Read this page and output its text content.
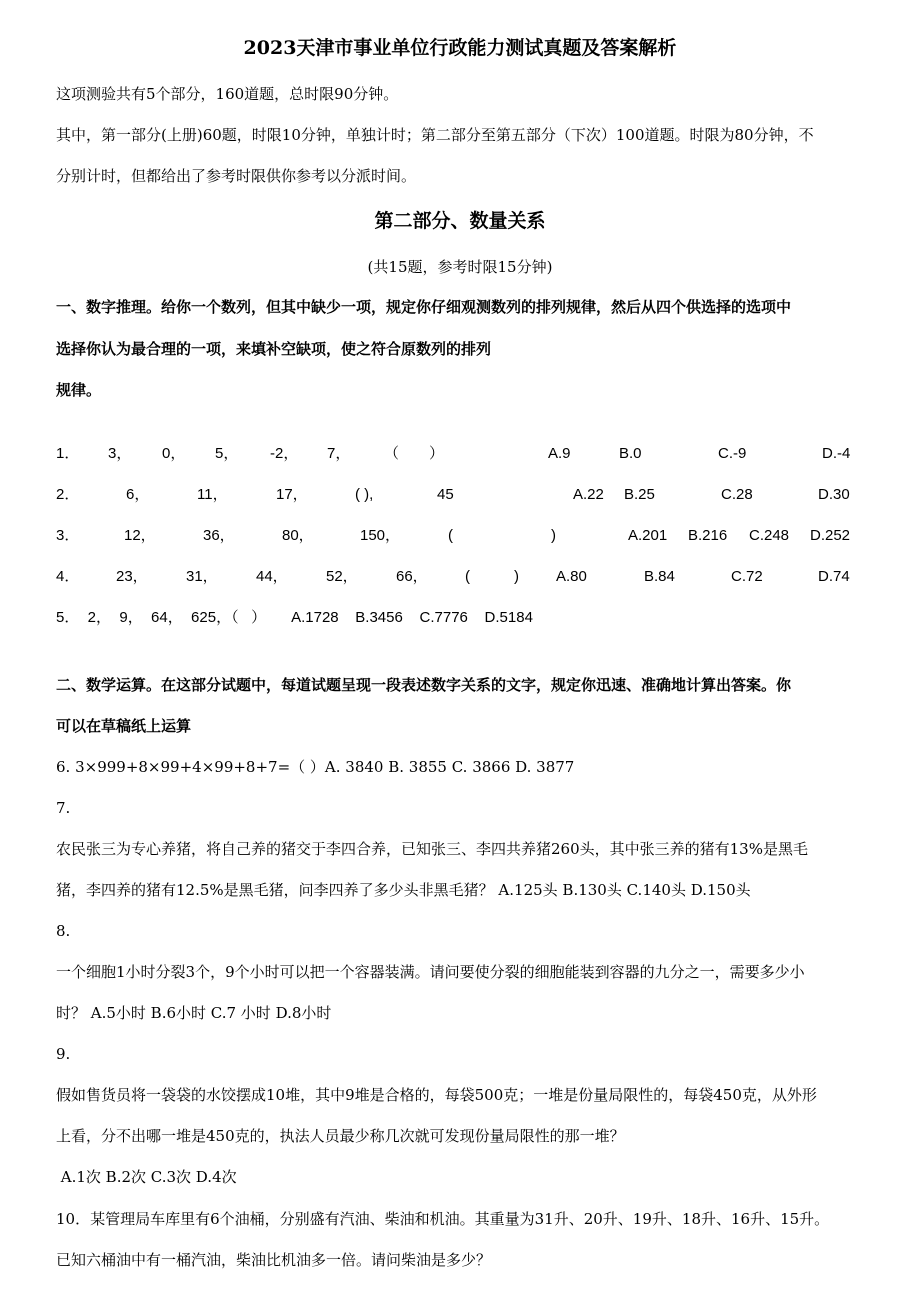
2023天津市事业单位行政能力测试真题及答案解析
这项测验共有5个部分，160道题，总时限90分钟。
其中，第一部分(上册)60题，时限10分钟，单独计时；第二部分至第五部分（下次）100道题。时限为80分钟，不
分别计时，但都给出了参考时限供你参考以分派时间。
第二部分、数量关系
(共15题，参考时限15分钟)
一、数字推理。给你一个数列，但其中缺少一项，规定你仔细观测数列的排列规律，然后从四个供选择的选项中
选择你认为最合理的一项，来填补空缺项，使之符合原数列的排列
规律。
1． 3， 0， 5， -2， 7， （ ）	A.9	B.0	C.-9	D.-4
2．	6，	11，	17，	( ),	45	A.22 B.25	C.28	D.30
3．	12，	36，	80，	150，	(	)	A.201 B.216 C.248 D.252
4． 23，	31，	44，	52，	66， (	) A.80	B.84	C.72	D.74
5．  2，  9，  64，  625，（   ）      A.1728    B.3456    C.7776    D.5184
二、数学运算。在这部分试题中，每道试题呈现一段表述数字关系的文字，规定你迅速、准确地计算出答案。你
可以在草稿纸上运算
6. 3×999+8×99+4×99+8+7=（ ）A. 3840 B. 3855 C. 3866 D. 3877
7.
农民张三为专心养猪，将自己养的猪交于李四合养，已知张三、李四共养猪260头，其中张三养的猪有13%是黑毛
猪，李四养的猪有12.5%是黑毛猪，问李四养了多少头非黑毛猪？ A.125头 B.130头 C.140头 D.150头
8.
一个细胞1小时分裂3个，9个小时可以把一个容器装满。请问要使分裂的细胞能装到容器的九分之一，需要多少小
时？ A.5小时 B.6小时 C.7 小时 D.8小时
9.
假如售货员将一袋袋的水饺摆成10堆，其中9堆是合格的，每袋500克；一堆是份量局限性的，每袋450克，从外形
上看，分不出哪一堆是450克的，执法人员最少称几次就可发现份量局限性的那一堆？
A.1次 B.2次 C.3次 D.4次
10．某管理局车库里有6个油桶，分别盛有汽油、柴油和机油。其重量为31升、20升、19升、18升、16升、15升。
已知六桶油中有一桶汽油，柴油比机油多一倍。请问柴油是多少？
